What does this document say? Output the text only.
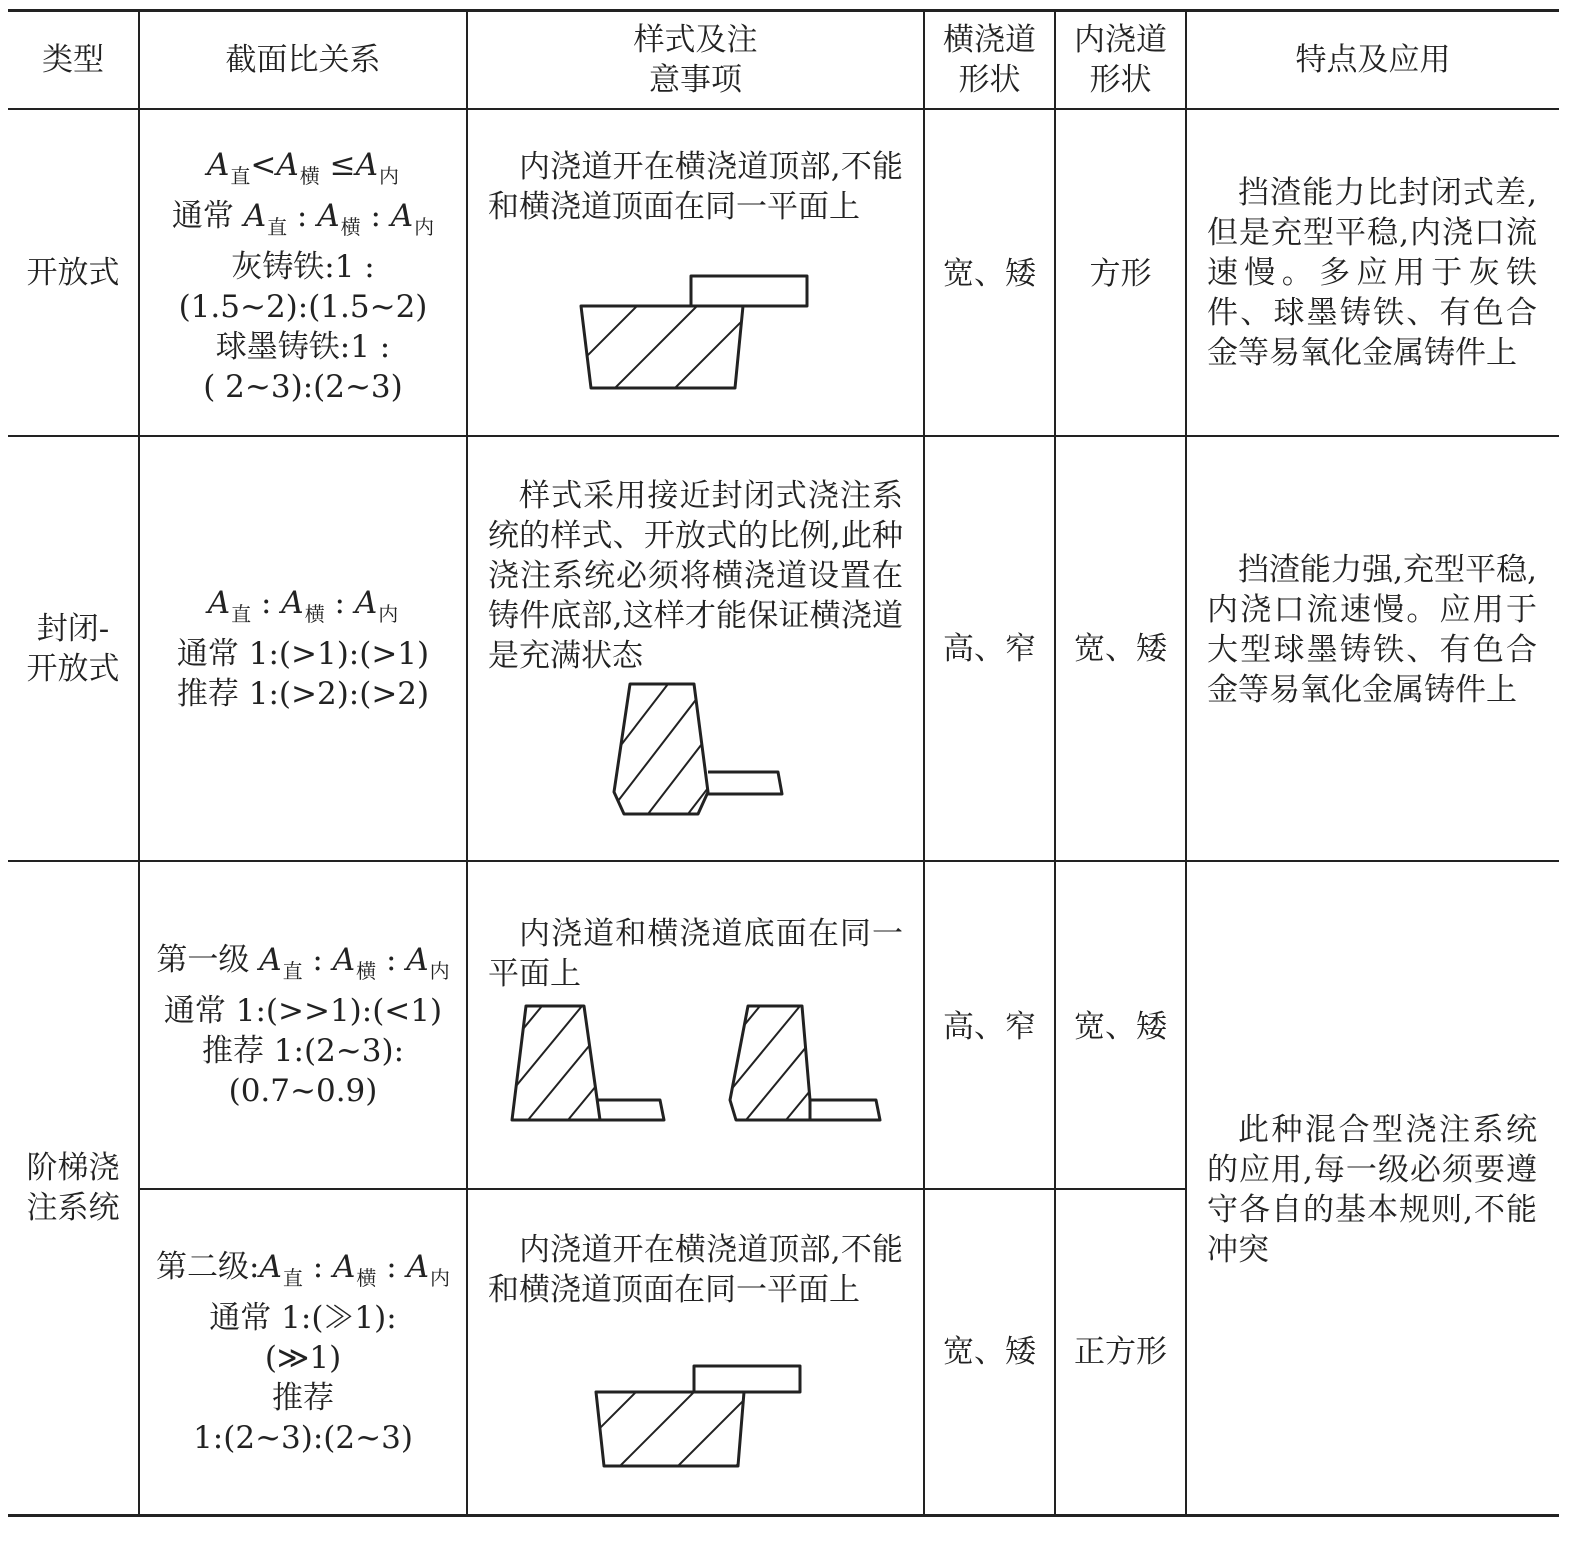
类型	截面比关系
样式及注
意事项
横浇道
形状
内浇道
形状
特点及应用
开放式
$A_直<A_横 \le A_内$
通常 $A_直$ : $A_横$ : $A_内$
灰铸铁:1 :
(1.5~2):(1.5~2)
球墨铸铁:1 :
( 2~3):(2~3)
内浇道开在横浇道顶部,不能和横浇道顶面在同一平面上
宽、矮 方形
挡渣能力比封闭式差,但是充型平稳,内浇口流速慢。多应用于灰铁件、球墨铸铁、有色合金等易氧化金属铸件上
封闭-
开放式
$A_直$ : $A_横$ : $A_内$
通常 1:(>1):(>1)
推荐 1:(>2):(>2)
样式采用接近封闭式浇注系统的样式、开放式的比例,此种浇注系统必须将横浇道设置在铸件底部,这样才能保证横浇道是充满状态	高、窄 宽、矮
挡渣能力强,充型平稳,内浇口流速慢。应用于大型球墨铸铁、有色合金等易氧化金属铸件上
阶梯浇
注系统
此种混合型浇注系统的应用,每一级必须要遵守各自的基本规则,不能冲突
第一级 $A_直$ : $A_横$ : $A_内$
通常 1:(>>1):(<1)
推荐 1:(2~3):
(0.7~0.9)
内浇道和横浇道底面在同一平面上
高、窄 宽、矮
第二级$:A_直$ : $A_横$ : $A_内$
通常 1:(≫1):
(≫1)
推荐
1:(2~3):(2~3)
内浇道开在横浇道顶部,不能和横浇道顶面在同一平面上
宽、矮 正方形
